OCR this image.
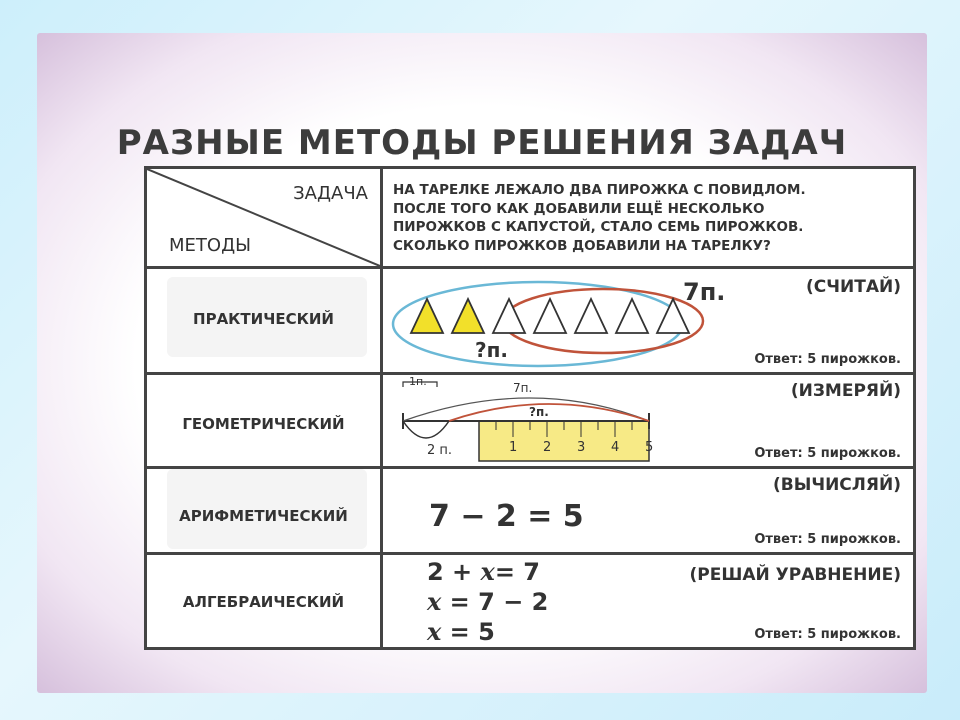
РАЗНЫЕ МЕТОДЫ РЕШЕНИЯ ЗАДАЧ
ЗАДАЧА
МЕТОДЫ
НА ТАРЕЛКЕ ЛЕЖАЛО ДВА ПИРОЖКА С ПОВИДЛОМ.
ПОСЛЕ ТОГО КАК ДОБАВИЛИ ЕЩЁ НЕСКОЛЬКО
ПИРОЖКОВ С КАПУСТОЙ, СТАЛО СЕМЬ ПИРОЖКОВ.
СКОЛЬКО ПИРОЖКОВ ДОБАВИЛИ НА ТАРЕЛКУ?
ПРАКТИЧЕСКИЙ
7п.
?п.
(СЧИТАЙ)
Ответ: 5 пирожков.
ГЕОМЕТРИЧЕСКИЙ
1 2 3 4 5
1п.	7п.
?п.
2 п.
(ИЗМЕРЯЙ)
Ответ: 5 пирожков.
АРИФМЕТИЧЕСКИЙ	7 − 2 = 5
(ВЫЧИСЛЯЙ)
Ответ: 5 пирожков.
АЛГЕБРАИЧЕСКИЙ
2 + x= 7
x = 7 − 2
x = 5
(РЕШАЙ УРАВНЕНИЕ)
Ответ: 5 пирожков.
